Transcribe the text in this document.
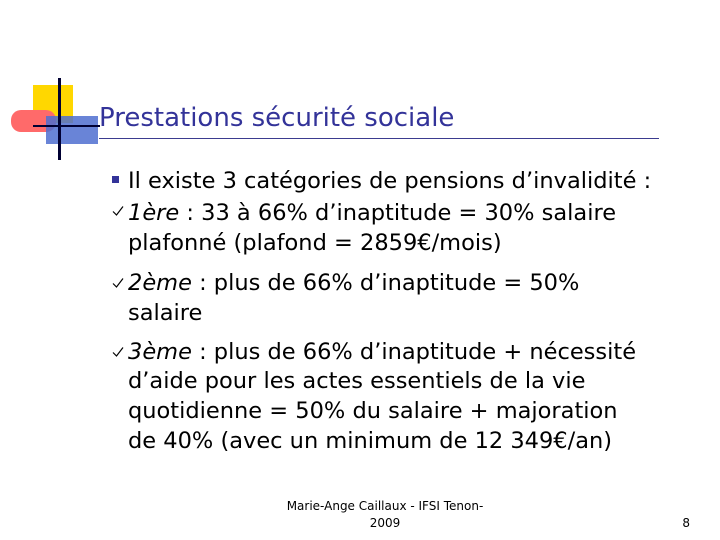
Prestations sécurité sociale
Il existe 3 catégories de pensions d’invalidité :
1ère : 33 à 66% d’inaptitude = 30% salaire
plafonné (plafond = 2859€/mois)
2ème : plus de 66% d’inaptitude = 50%
salaire
3ème : plus de 66% d’inaptitude + nécessité
d’aide pour les actes essentiels de la vie
quotidienne = 50% du salaire + majoration
de 40% (avec un minimum de 12 349€/an)
Marie-Ange Caillaux - IFSI Tenon-
2009	8
